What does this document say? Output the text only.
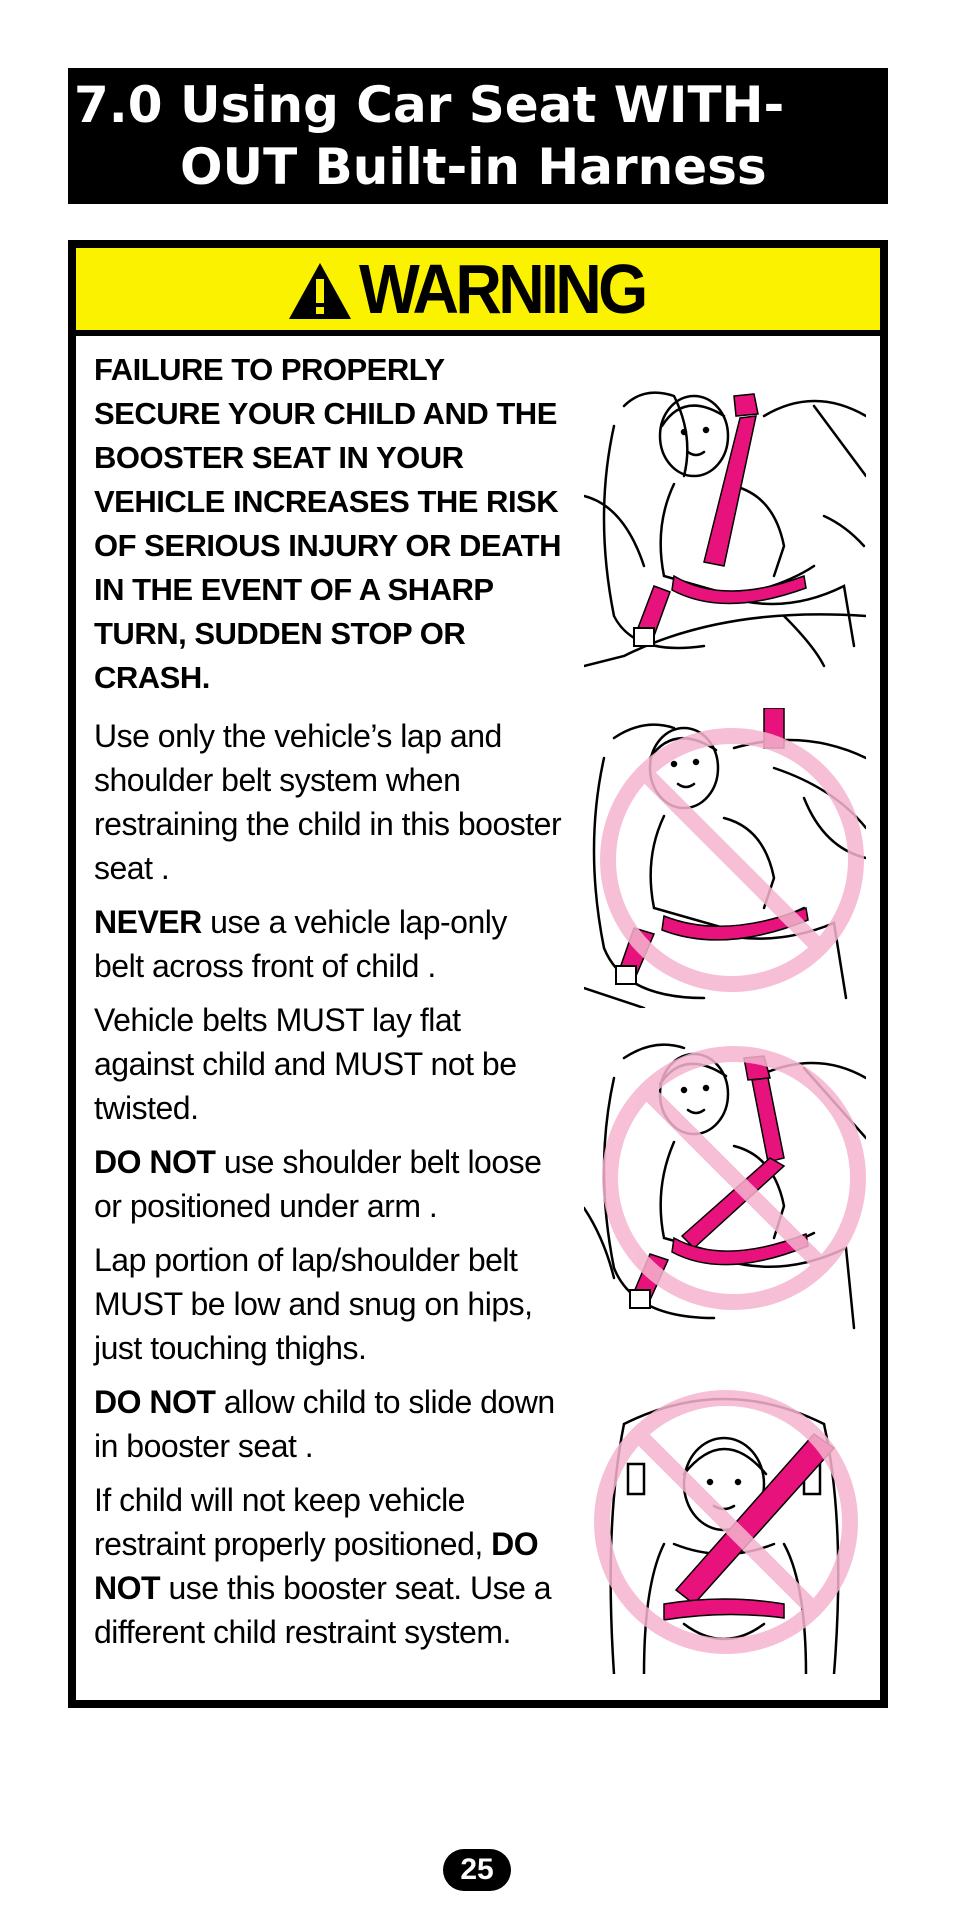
7.0 Using Car Seat WITH-
OUT Built-in Harness
WARNING

FAILURE TO PROPERLY SECURE YOUR CHILD AND THE BOOSTER SEAT IN YOUR VEHICLE INCREASES THE RISK OF SERIOUS INJURY OR DEATH IN THE EVENT OF A SHARP TURN, SUDDEN STOP OR CRASH.

Use only the vehicle’s lap and shoulder belt system when restraining the child in this booster seat .

NEVER use a vehicle lap-only belt across front of child .

Vehicle belts MUST lay flat against child and MUST not be twisted.

DO NOT use shoulder belt loose or positioned under arm .

Lap portion of lap/shoulder belt MUST be low and snug on hips, just touching thighs.

DO NOT allow child to slide down in booster seat .

If child will not keep vehicle restraint properly positioned, DO NOT use this booster seat. Use a different child restraint system.

25
